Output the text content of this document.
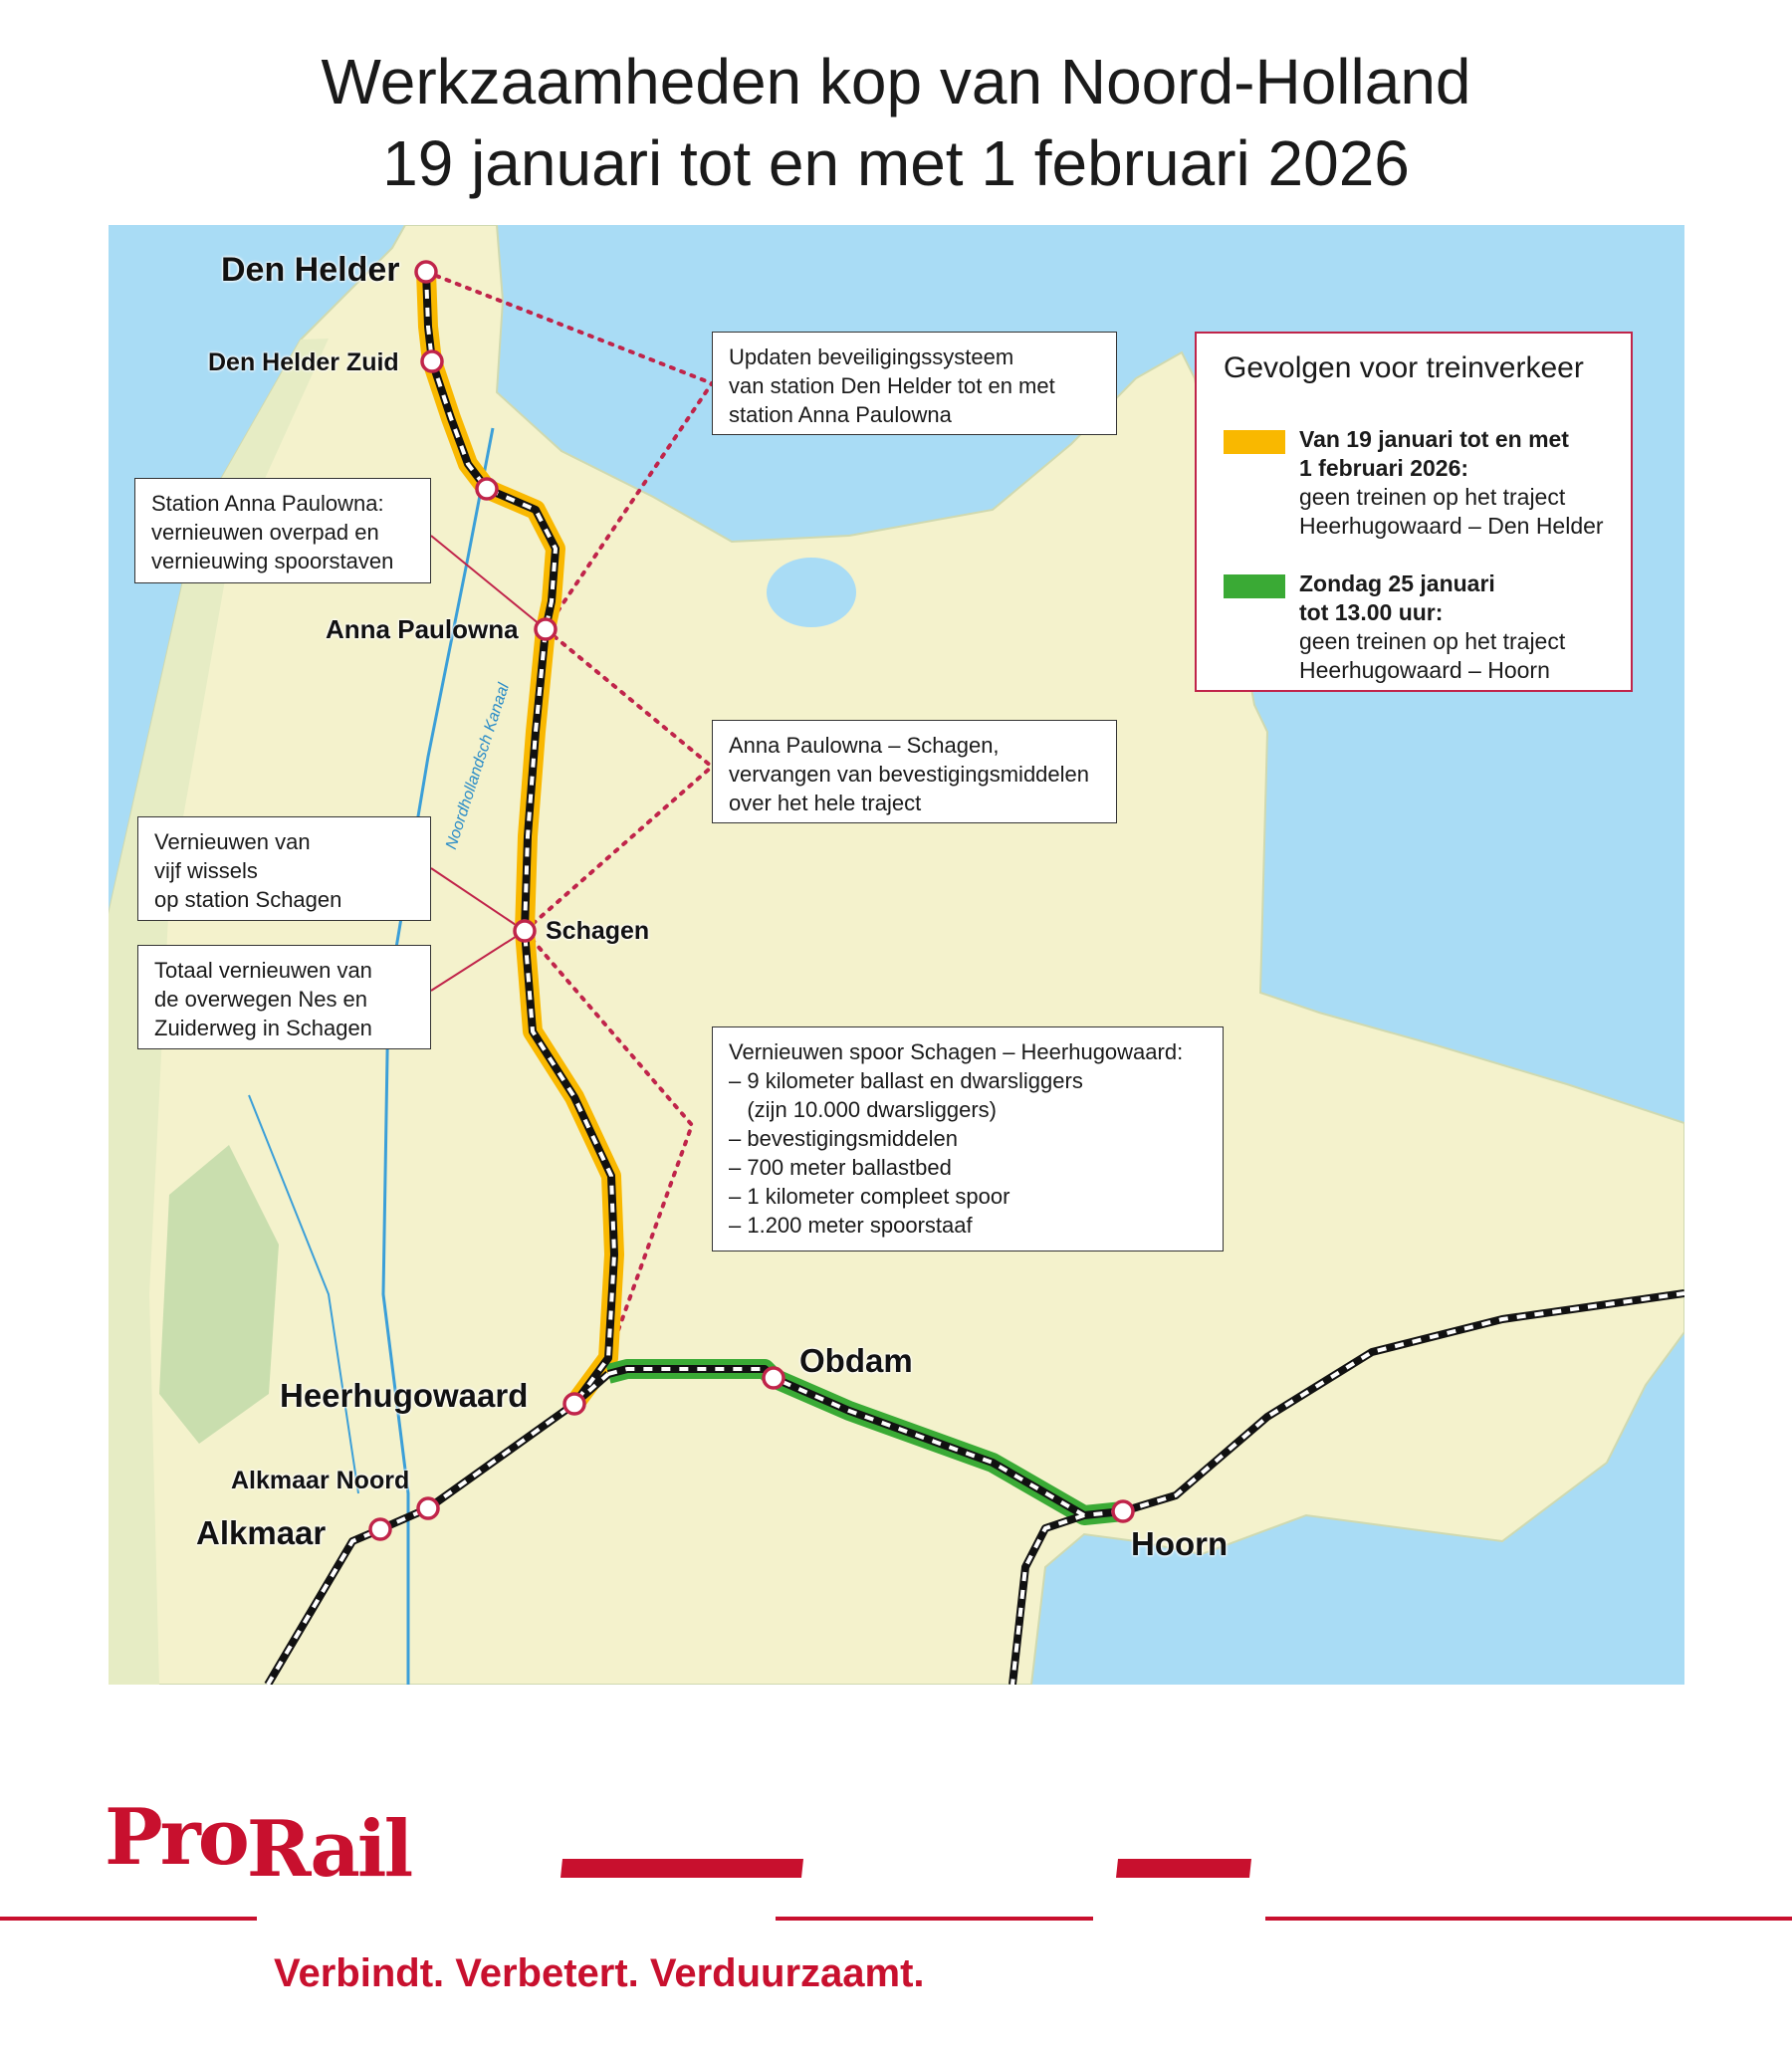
Werkzaamheden kop van Noord-Holland
19 januari tot en met 1 februari 2026
Noordhollandsch Kanaal
Den Helder
Den Helder Zuid
Anna Paulowna
Schagen
Heerhugowaard
Alkmaar Noord
Alkmaar
Obdam
Hoorn
Updaten beveiligingssysteem
van station Den Helder tot en met
station Anna Paulowna
Station Anna Paulowna:
vernieuwen overpad en
vernieuwing spoorstaven
Anna Paulowna – Schagen,
vervangen van bevestigingsmiddelen
over het hele traject
Vernieuwen van
vijf wissels
op station Schagen
Totaal vernieuwen van
de overwegen Nes en
Zuiderweg in Schagen
Vernieuwen spoor Schagen – Heerhugowaard:
– 9 kilometer ballast en dwarsliggers
(zijn 10.000 dwarsliggers)
– bevestigingsmiddelen
– 700 meter ballastbed
– 1 kilometer compleet spoor
– 1.200 meter spoorstaaf
Gevolgen voor treinverkeer
Van 19 januari tot en met
1 februari 2026:
geen treinen op het traject
Heerhugowaard – Den Helder
Zondag 25 januari
tot 13.00 uur:
geen treinen op het traject
Heerhugowaard – Hoorn
ProRail
Verbindt. Verbetert. Verduurzaamt.
